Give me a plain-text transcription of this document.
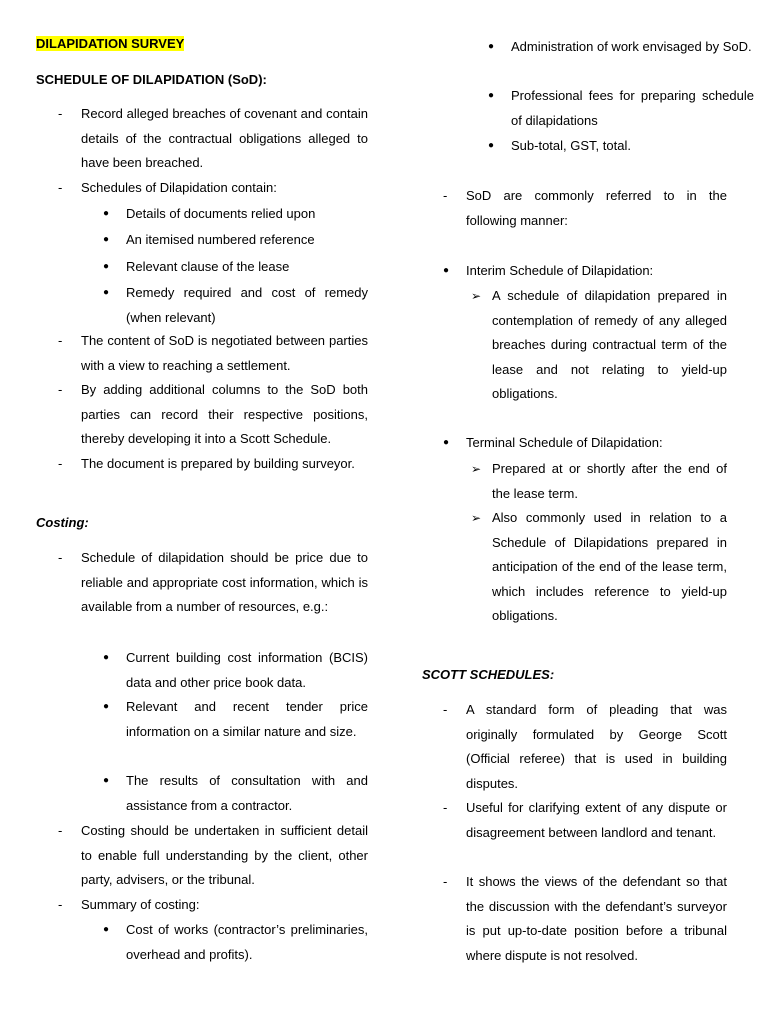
DILAPIDATION SURVEY
SCHEDULE OF DILAPIDATION (SoD):
- Record alleged breaches of covenant and contain details of the contractual obligations alleged to have been breached.
- Schedules of Dilapidation contain:
● Details of documents relied upon
● An itemised numbered reference
● Relevant clause of the lease
● Remedy required and cost of remedy (when relevant)
- The content of SoD is negotiated between parties with a view to reaching a settlement.
- By adding additional columns to the SoD both parties can record their respective positions, thereby developing it into a Scott Schedule.
- The document is prepared by building surveyor.
Costing:
- Schedule of dilapidation should be price due to reliable and appropriate cost information, which is available from a number of resources, e.g.:
● Current building cost information (BCIS) data and other price book data.
● Relevant and recent tender price information on a similar nature and size.
● The results of consultation with and assistance from a contractor.
- Costing should be undertaken in sufficient detail to enable full understanding by the client, other party, advisers, or the tribunal.
- Summary of costing:
● Cost of works (contractor’s preliminaries, overhead and profits).
● Administration of work envisaged by SoD.
● Professional fees for preparing schedule of dilapidations
● Sub-total, GST, total.
- SoD are commonly referred to in the following manner:
● Interim Schedule of Dilapidation:
➢ A schedule of dilapidation prepared in contemplation of remedy of any alleged breaches during contractual term of the lease and not relating to yield-up obligations.
● Terminal Schedule of Dilapidation:
➢ Prepared at or shortly after the end of the lease term.
➢ Also commonly used in relation to a Schedule of Dilapidations prepared in anticipation of the end of the lease term, which includes reference to yield-up obligations.
SCOTT SCHEDULES:
- A standard form of pleading that was originally formulated by George Scott (Official referee) that is used in building disputes.
- Useful for clarifying extent of any dispute or disagreement between landlord and tenant.
- It shows the views of the defendant so that the discussion with the defendant’s surveyor is put up-to-date position before a tribunal where dispute is not resolved.
